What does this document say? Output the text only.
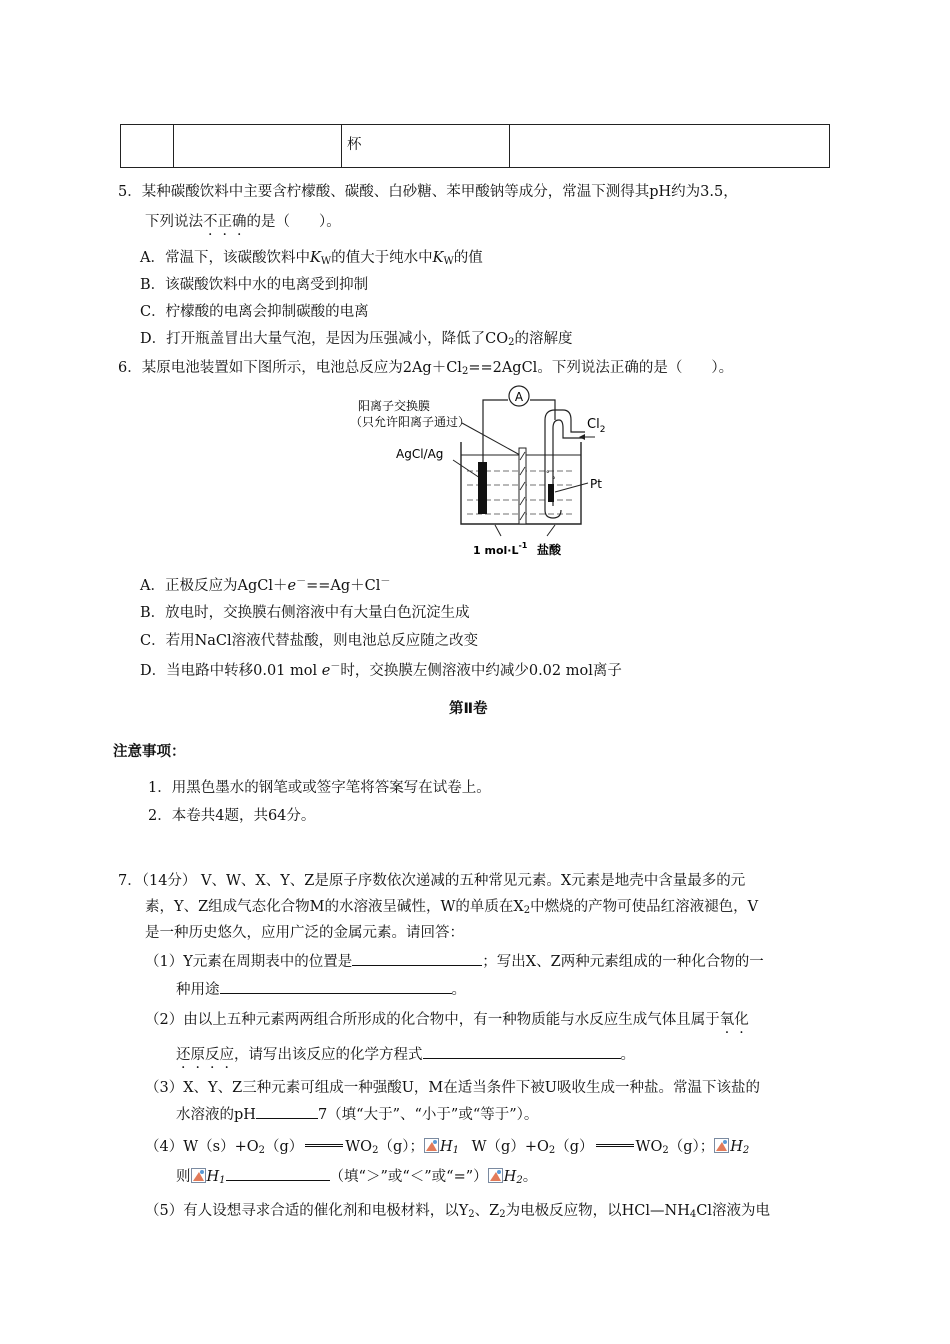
杯
5．某种碳酸饮料中主要含柠檬酸、碳酸、白砂糖、苯甲酸钠等成分，常温下测得其pH约为3.5，
下列说法不正确的是（　　）。
A．常温下，该碳酸饮料中$K_W$的值大于纯水中$K_W$的值
B．该碳酸饮料中水的电离受到抑制
C．柠檬酸的电离会抑制碳酸的电离
D．打开瓶盖冒出大量气泡，是因为压强减小，降低了$CO_2$的溶解度
6．某原电池装置如下图所示，电池总反应为$2Ag+Cl_2==2AgCl$。下列说法正确的是（　　）。
A
阳离子交换膜
（只允许阳离子通过）
AgCl/Ag
°
°
$Cl_2$
Pt
1 $mol\cdot L^{-1}$ 盐酸
A．正极反应为AgCl＋e－==Ag＋Cl－
B．放电时，交换膜右侧溶液中有大量白色沉淀生成
C．若用NaCl溶液代替盐酸，则电池总反应随之改变
D．当电路中转移0.01 mol e－时，交换膜左侧溶液中约减少0.02 mol离子
第Ⅱ卷
注意事项：
1．用黑色墨水的钢笔或或签字笔将答案写在试卷上。
2．本卷共4题，共64分。
7．（14分） V、W、X、Y、Z是原子序数依次递减的五种常见元素。X元素是地壳中含量最多的元
素，Y、Z组成气态化合物M的水溶液呈碱性，W的单质在$X_2$中燃烧的产物可使品红溶液褪色，V
是一种历史悠久，应用广泛的金属元素。请回答：
（1）Y元素在周期表中的位置是	；写出X、Z两种元素组成的一种化合物的一
种用途	。
（2）由以上五种元素两两组合所形成的化合物中，有一种物质能与水反应生成气体且属于氧化
还原反应，请写出该反应的化学方程式	。
（3）X、Y、Z三种元素可组成一种强酸U，M在适当条件下被U吸收生成一种盐。常温下该盐的
水溶液的pH	7（填“大于”、“小于”或“等于”）。
$(4)W(s)+O_2(g)$	$WO_2(g)$； $H_1$ $W(g)+O_2(g)$	$WO_2(g)$； $H_2$
则 $H_1$	（填“＞”或“＜”或“=”） $H_2$。
（5）有人设想寻求合适的催化剂和电极材料，以$Y_2$、$Z_2$为电极反应物，以$HCl—NH_4Cl$溶液为电
